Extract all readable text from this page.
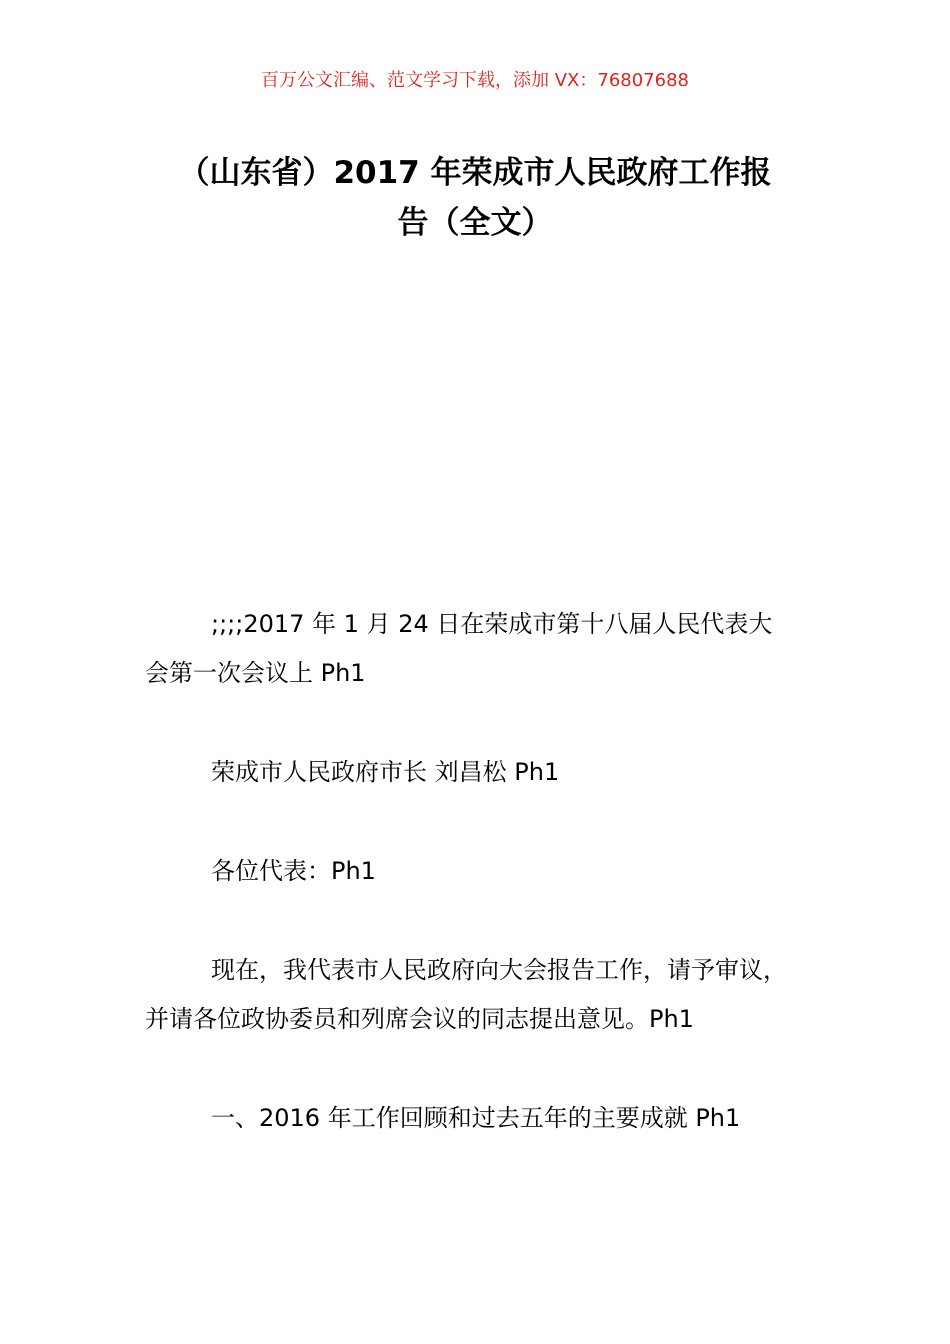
百万公文汇编、范文学习下载，添加 VX：76807688
（山东省）2017 年荣成市人民政府工作报
告（全文）

;;;;2017 年 1 月 24 日在荣成市第十八届人民代表大
会第一次会议上 Ph1

荣成市人民政府市长 刘昌松 Ph1

各位代表：Ph1

现在，我代表市人民政府向大会报告工作，请予审议，
并请各位政协委员和列席会议的同志提出意见。Ph1

一、2016 年工作回顾和过去五年的主要成就 Ph1
